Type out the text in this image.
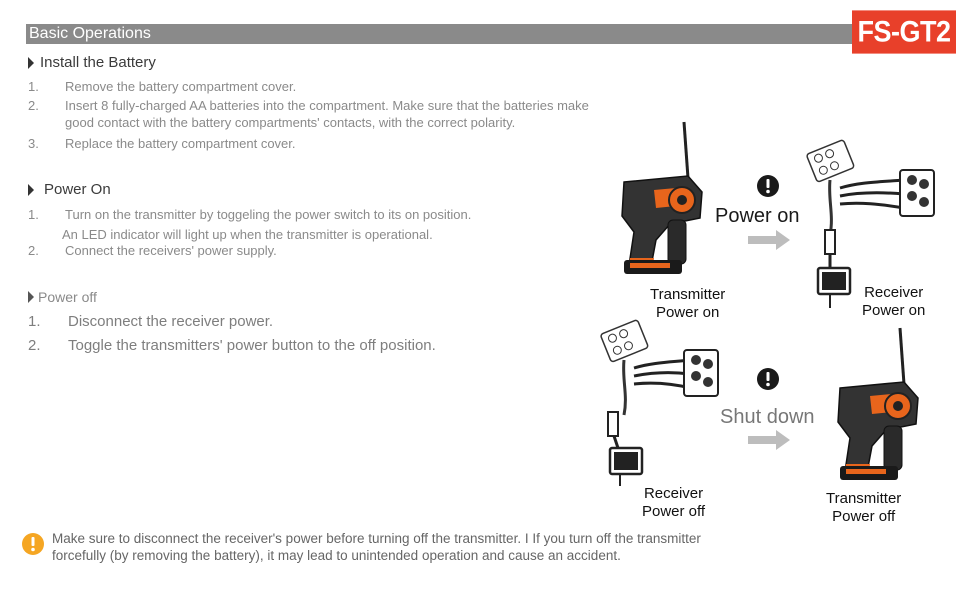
Basic Operations	FS-GT2
Install the Battery
1.	Remove the battery compartment cover.
2.	Insert 8 fully-charged AA batteries into the compartment. Make sure that the batteries make
good contact with the battery compartments' contacts, with the correct polarity.
3.	Replace the battery compartment cover.
Power On
1.	Turn on the transmitter by toggeling the power switch to its on position.
An LED indicator will light up when the transmitter is operational.
2.	Connect the receivers' power supply.
Power off
1.	Disconnect the receiver power.
2.	Toggle the transmitters' power button to the off position.
Power on
Transmitter
Power on
Receiver
Power on
Shut down
Receiver
Power off
Transmitter
Power off
Make sure to disconnect the receiver's power before turning off the transmitter. I If you turn off the transmitter forcefully (by removing the battery), it may lead to unintended operation and cause an accident.
